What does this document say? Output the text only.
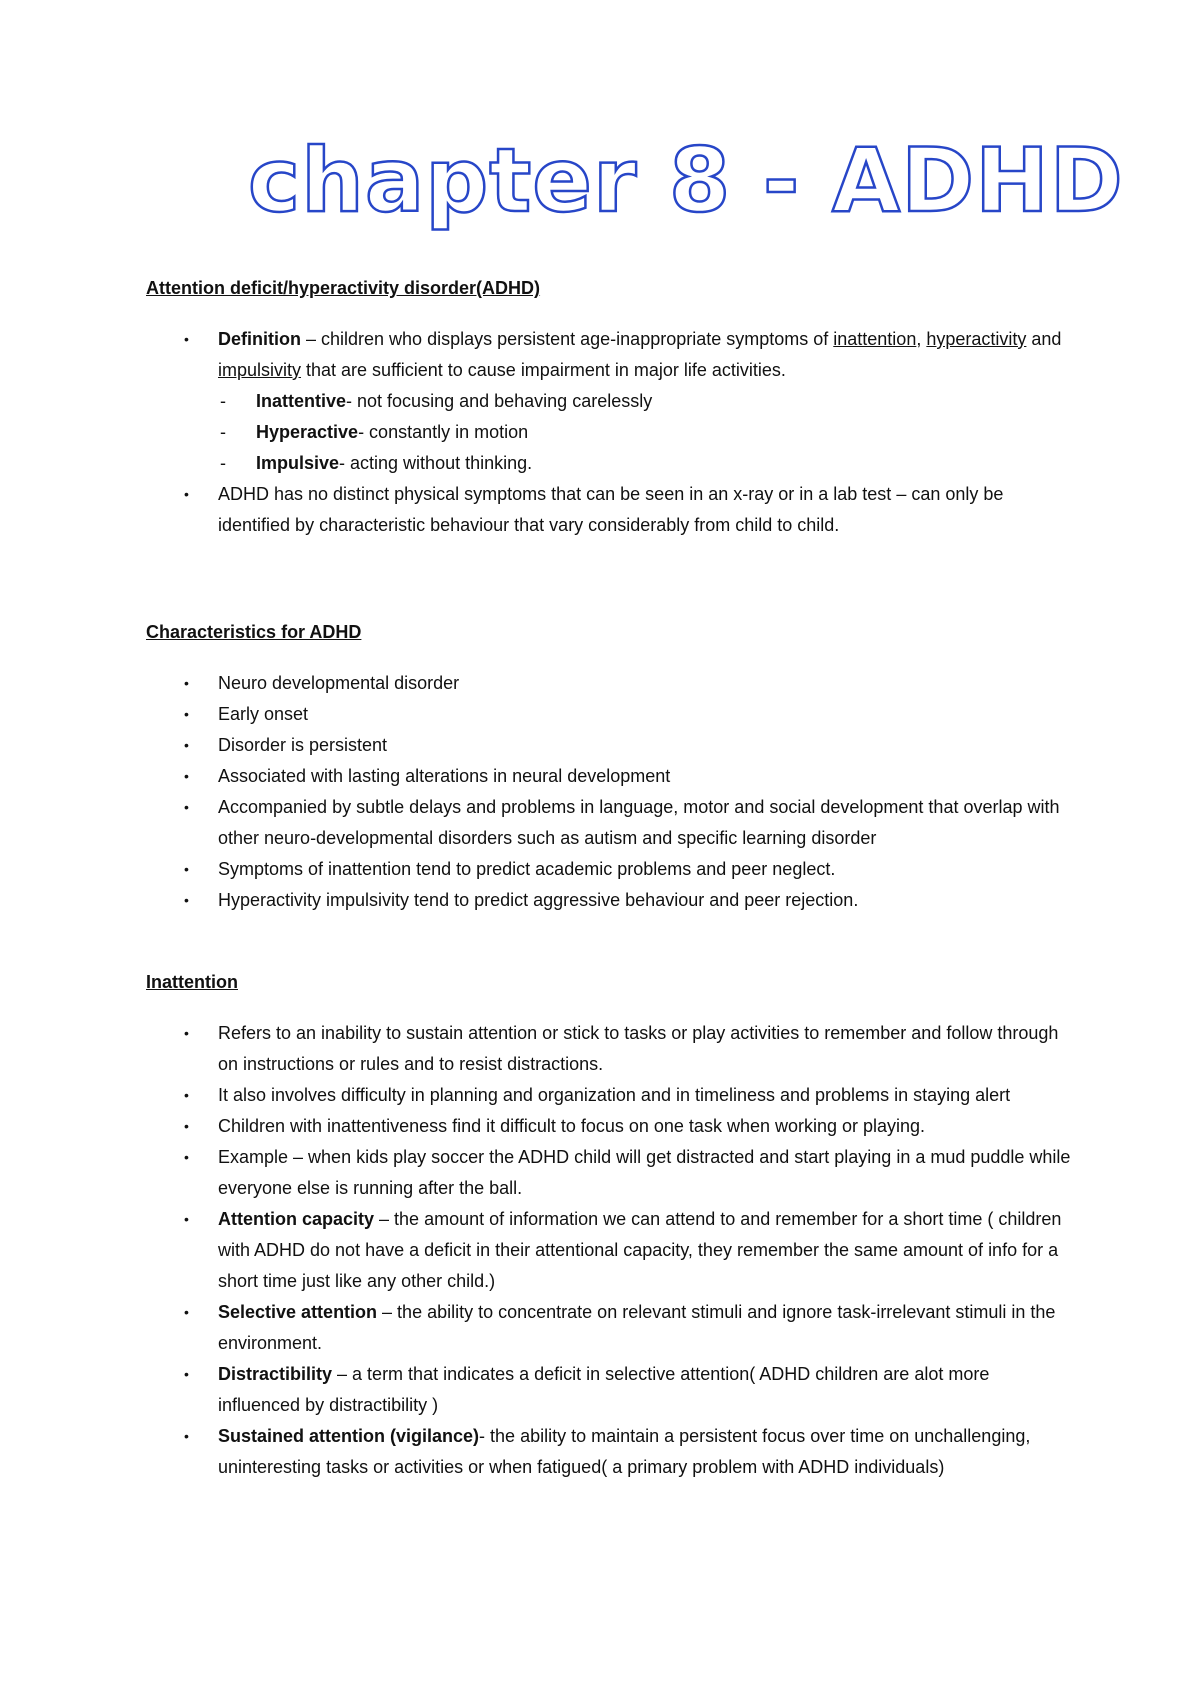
chapter 8 - ADHD
Attention deficit/hyperactivity disorder(ADHD)
• Definition – children who displays persistent age-inappropriate symptoms of inattention, hyperactivity and impulsivity that are sufficient to cause impairment in major life activities.
- Inattentive- not focusing and behaving carelessly
- Hyperactive- constantly in motion
- Impulsive- acting without thinking.
• ADHD has no distinct physical symptoms that can be seen in an x-ray or in a lab test – can only be identified by characteristic behaviour that vary considerably from child to child.
Characteristics for ADHD
• Neuro developmental disorder
• Early onset
• Disorder is persistent
• Associated with lasting alterations in neural development
• Accompanied by subtle delays and problems in language, motor and social development that overlap with other neuro-developmental disorders such as autism and specific learning disorder
• Symptoms of inattention tend to predict academic problems and peer neglect.
• Hyperactivity impulsivity tend to predict aggressive behaviour and peer rejection.
Inattention
• Refers to an inability to sustain attention or stick to tasks or play activities to remember and follow through on instructions or rules and to resist distractions.
• It also involves difficulty in planning and organization and in timeliness and problems in staying alert
• Children with inattentiveness find it difficult to focus on one task when working or playing.
• Example – when kids play soccer the ADHD child will get distracted and start playing in a mud puddle while everyone else is running after the ball.
• Attention capacity – the amount of information we can attend to and remember for a short time ( children with ADHD do not have a deficit in their attentional capacity, they remember the same amount of info for a short time just like any other child.)
• Selective attention – the ability to concentrate on relevant stimuli and ignore task-irrelevant stimuli in the environment.
• Distractibility – a term that indicates a deficit in selective attention( ADHD children are alot more influenced by distractibility )
• Sustained attention (vigilance)- the ability to maintain a persistent focus over time on unchallenging, uninteresting tasks or activities or when fatigued( a primary problem with ADHD individuals)
